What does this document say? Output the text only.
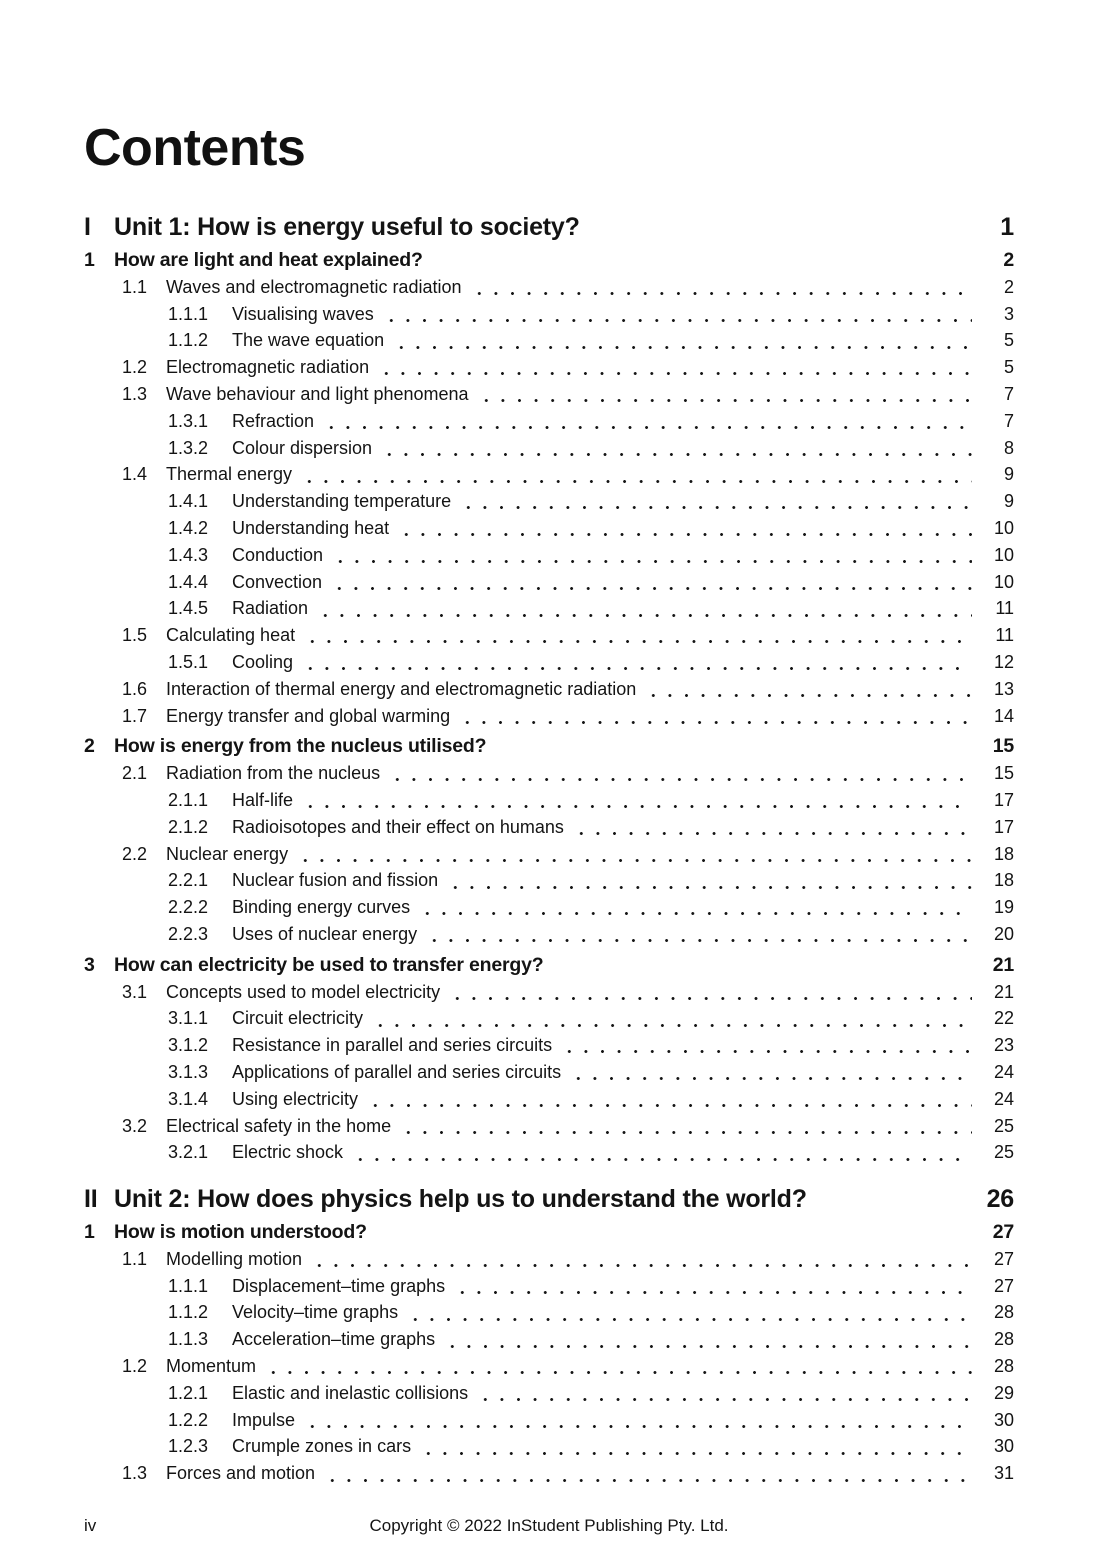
Contents
I Unit 1: How is energy useful to society?	1
1 How are light and heat explained?	2
1.1	Waves and electromagnetic radiation	2
1.1.1	Visualising waves	3
1.1.2	The wave equation	5
1.2	Electromagnetic radiation	5
1.3	Wave behaviour and light phenomena	7
1.3.1	Refraction	7
1.3.2	Colour dispersion	8
1.4	Thermal energy	9
1.4.1	Understanding temperature	9
1.4.2	Understanding heat	10
1.4.3	Conduction	10
1.4.4	Convection	10
1.4.5	Radiation	11
1.5	Calculating heat	11
1.5.1	Cooling	12
1.6	Interaction of thermal energy and electromagnetic radiation	13
1.7	Energy transfer and global warming	14
2 How is energy from the nucleus utilised?	15
2.1	Radiation from the nucleus	15
2.1.1	Half-life	17
2.1.2	Radioisotopes and their effect on humans	17
2.2	Nuclear energy	18
2.2.1	Nuclear fusion and fission	18
2.2.2	Binding energy curves	19
2.2.3	Uses of nuclear energy	20
3 How can electricity be used to transfer energy?	21
3.1	Concepts used to model electricity	21
3.1.1	Circuit electricity	22
3.1.2	Resistance in parallel and series circuits	23
3.1.3	Applications of parallel and series circuits	24
3.1.4	Using electricity	24
3.2	Electrical safety in the home	25
3.2.1	Electric shock	25
II Unit 2: How does physics help us to understand the world?	26
1 How is motion understood?	27
1.1	Modelling motion	27
1.1.1	Displacement–time graphs	27
1.1.2	Velocity–time graphs	28
1.1.3	Acceleration–time graphs	28
1.2	Momentum	28
1.2.1	Elastic and inelastic collisions	29
1.2.2	Impulse	30
1.2.3	Crumple zones in cars	30
1.3	Forces and motion	31
iv	Copyright © 2022 InStudent Publishing Pty. Ltd.
